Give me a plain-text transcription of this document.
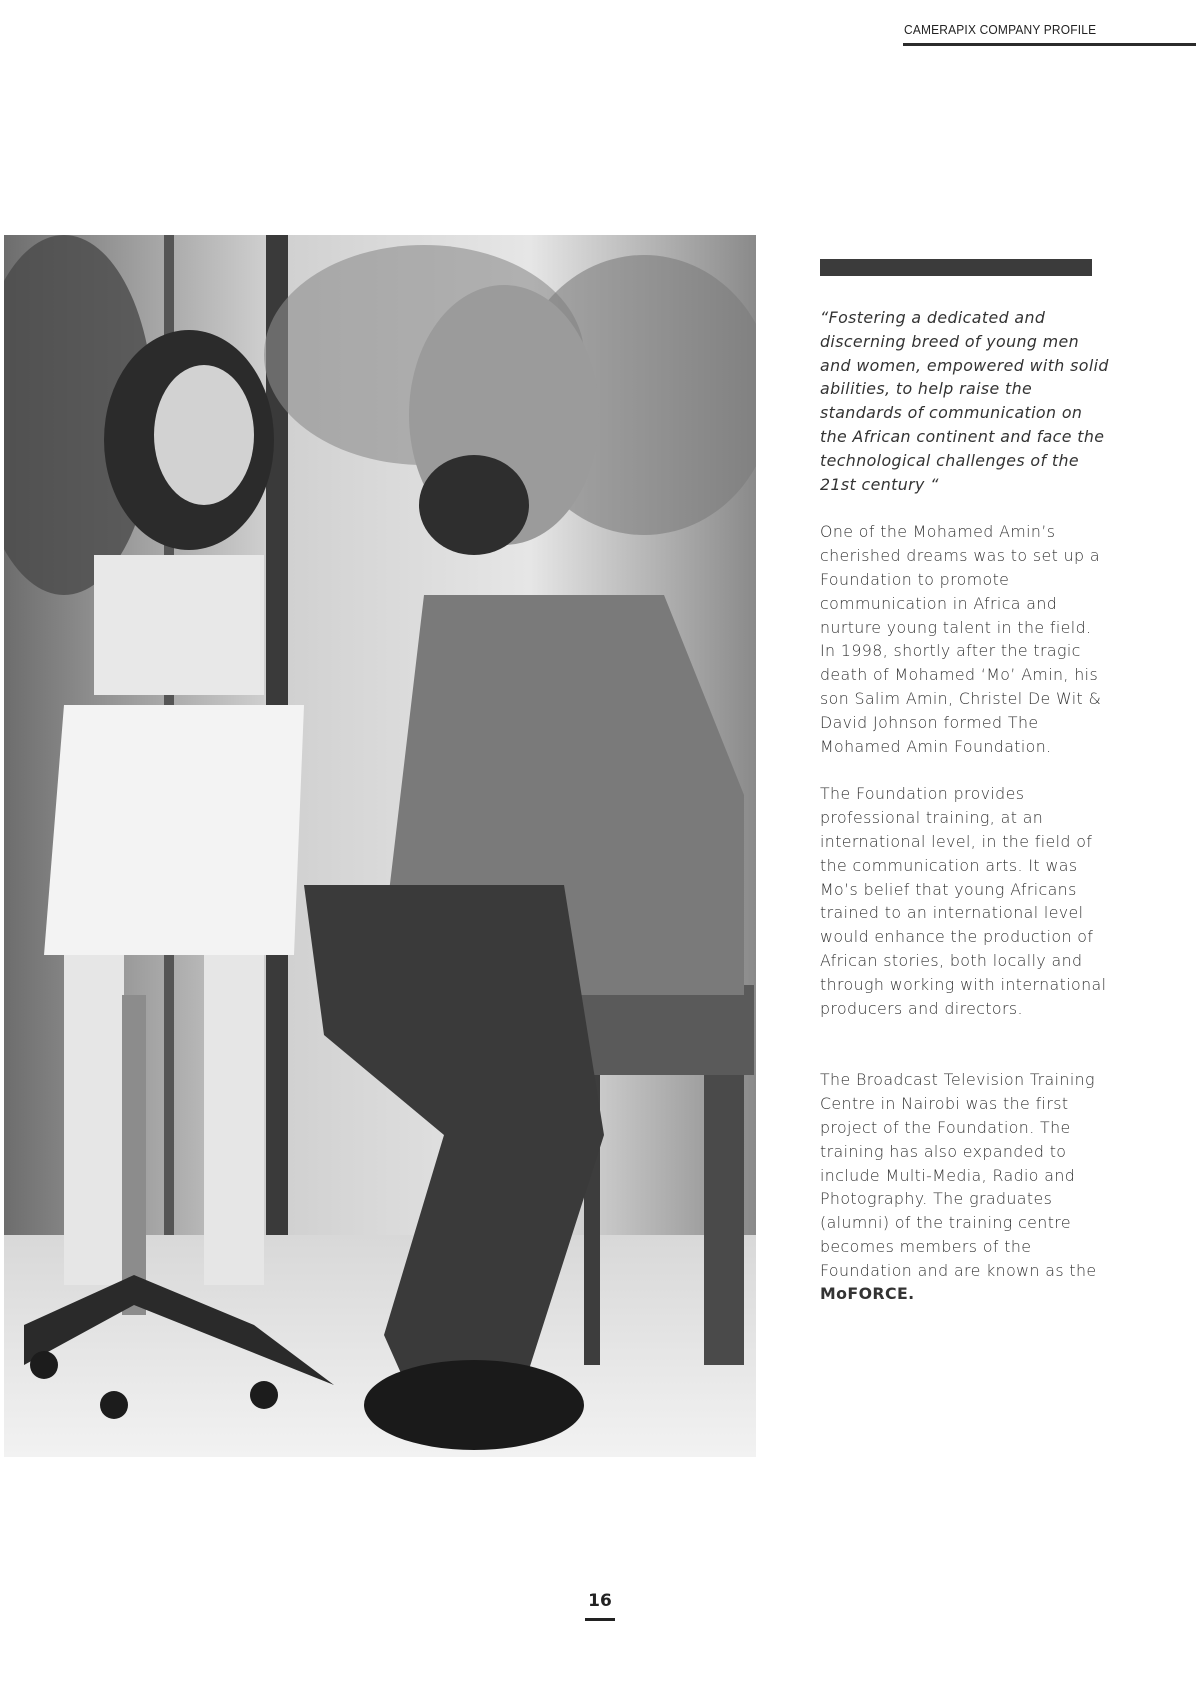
CAMERAPIX COMPANY PROFILE

“Fostering a dedicated and discerning breed of young men and women, empowered with solid abilities, to help raise the standards of communication on the African continent and face the technological challenges of the 21st century “

One of the Mohamed Amin’s cherished dreams was to set up a Foundation to promote communication in Africa and nurture young talent in the field. In 1998, shortly after the tragic death of Mohamed ‘Mo’ Amin, his son Salim Amin, Christel De Wit & David Johnson formed The Mohamed Amin Foundation.

The Foundation provides professional training, at an international level, in the field of the communication arts. It was Mo’s belief that young Africans trained to an international level would enhance the production of African stories, both locally and through working with international producers and directors.

The Broadcast Television Training Centre in Nairobi was the first project of the Foundation. The training has also expanded to include Multi-Media, Radio and Photography. The graduates (alumni) of the training centre becomes members of the Foundation and are known as the MoFORCE.

16
